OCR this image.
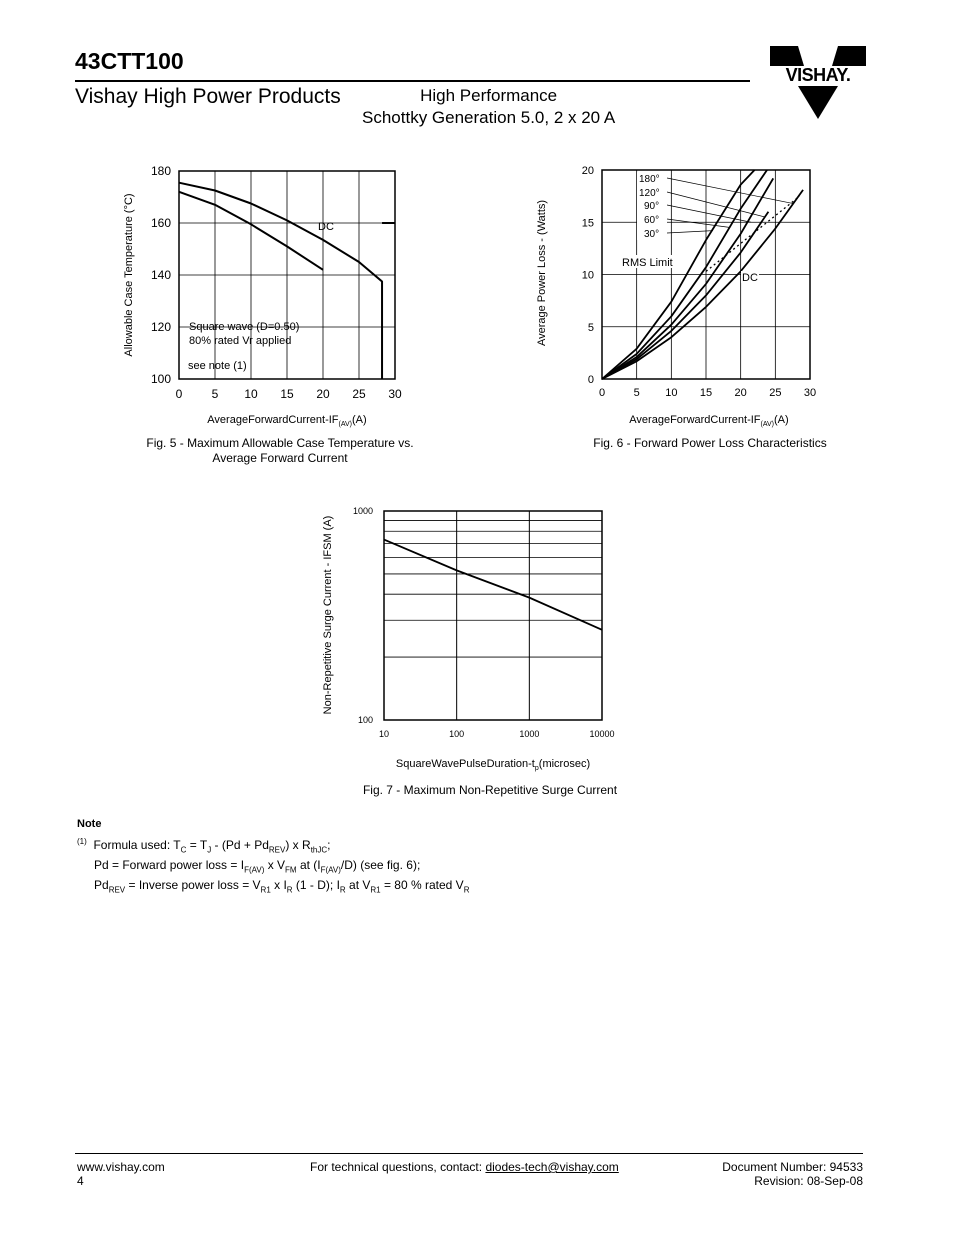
43CTT100
Vishay High Power Products	High Performance
Schottky Generation 5.0, 2 x 20 A
VISHAY.
0 5 10 15 20 25 30
100
120
140
160
180
DC
Square wave (D=0.50)
80% rated Vr applied
see note (1)
Allowable Case Temperature (°C)
AverageForwardCurrent-$IF_{(AV)}(A)$
Fig. 5 - Maximum Allowable Case Temperature vs.
Average Forward Current
0	5 10 15 20 25 30
0
5
10
15
20
RMS Limit
DC
180°
120°
90°
60°
30°
Average Power Loss - (Watts)
AverageForwardCurrent-$IF_{(AV)}(A)$
Fig. 6 - Forward Power Loss Characteristics
10	100	1000	10000
100
1000
Non-Repetitive Surge Current - IFSM (A)
SquareWavePulseDuration-$t_p(microsec)$
Fig. 7 - Maximum Non-Repetitive Surge Current
Note
$^{(1)}$ Formula used: $T_C = T_J - (Pd + Pd_{REV})$ x $R_{thJC}$;
Pd = Forward power loss = $I_{F(AV)}$ x $V_{FM}$ at $(I_{F(AV)}/D)$ (see fig. 6);
$Pd_{REV}$ = Inverse power loss = $V_{R1}$ x $I_R$ (1 - D); $I_R$ at $V_{R1} = 80$ % rated $V_R$
www.vishay.com
4
For technical questions, contact: diodes-tech@vishay.com	Document Number: 94533
Revision: 08-Sep-08
